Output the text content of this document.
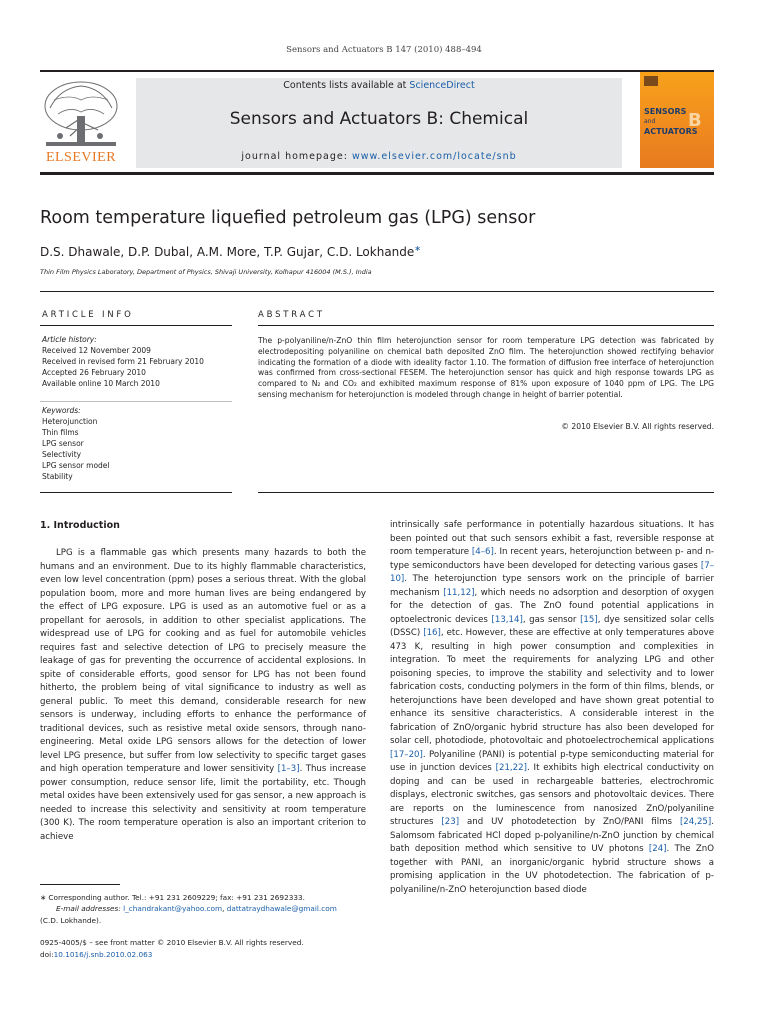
Sensors and Actuators B 147 (2010) 488–494
ELSEVIER
Contents lists available at ScienceDirect
Sensors and Actuators B: Chemical
journal homepage: www.elsevier.com/locate/snb
SENSORS
and
ACTUATORS
B
Room temperature liquefied petroleum gas (LPG) sensor
D.S. Dhawale, D.P. Dubal, A.M. More, T.P. Gujar, C.D. Lokhande∗
Thin Film Physics Laboratory, Department of Physics, Shivaji University, Kolhapur 416004 (M.S.), India
ARTICLE INFO
Article history:
Received 12 November 2009
Received in revised form 21 February 2010
Accepted 26 February 2010
Available online 10 March 2010
Keywords:
Heterojunction
Thin films
LPG sensor
Selectivity
LPG sensor model
Stability
ABSTRACT
The p-polyaniline/n-ZnO thin film heterojunction sensor for room temperature LPG detection was fabricated by electrodepositing polyaniline on chemical bath deposited ZnO film. The heterojunction showed rectifying behavior indicating the formation of a diode with ideality factor 1.10. The formation of diffusion free interface of heterojunction was confirmed from cross-sectional FESEM. The heterojunction sensor has quick and high response towards LPG as compared to N₂ and CO₂ and exhibited maximum response of 81% upon exposure of 1040 ppm of LPG. The LPG sensing mechanism for heterojunction is modeled through change in height of barrier potential.
© 2010 Elsevier B.V. All rights reserved.
1. Introduction
LPG is a flammable gas which presents many hazards to both the humans and an environment. Due to its highly flammable characteristics, even low level concentration (ppm) poses a serious threat. With the global population boom, more and more human lives are being endangered by the effect of LPG exposure. LPG is used as an automotive fuel or as a propellant for aerosols, in addition to other specialist applications. The widespread use of LPG for cooking and as fuel for automobile vehicles requires fast and selective detection of LPG to precisely measure the leakage of gas for preventing the occurrence of accidental explosions. In spite of considerable efforts, good sensor for LPG has not been found hitherto, the problem being of vital significance to industry as well as general public. To meet this demand, considerable research for new sensors is underway, including efforts to enhance the performance of traditional devices, such as resistive metal oxide sensors, through nano-engineering. Metal oxide LPG sensors allows for the detection of lower level LPG presence, but suffer from low selectivity to specific target gases and high operation temperature and lower sensitivity [1–3]. Thus increase power consumption, reduce sensor life, limit the portability, etc. Though metal oxides have been extensively used for gas sensor, a new approach is needed to increase this selectivity and sensitivity at room temperature (300 K). The room temperature operation is also an important criterion to achieve
intrinsically safe performance in potentially hazardous situations. It has been pointed out that such sensors exhibit a fast, reversible response at room temperature [4–6]. In recent years, heterojunction between p- and n-type semiconductors have been developed for detecting various gases [7–10]. The heterojunction type sensors work on the principle of barrier mechanism [11,12], which needs no adsorption and desorption of oxygen for the detection of gas. The ZnO found potential applications in optoelectronic devices [13,14], gas sensor [15], dye sensitized solar cells (DSSC) [16], etc. However, these are effective at only temperatures above 473 K, resulting in high power consumption and complexities in integration. To meet the requirements for analyzing LPG and other poisoning species, to improve the stability and selectivity and to lower fabrication costs, conducting polymers in the form of thin films, blends, or heterojunctions have been developed and have shown great potential to enhance its sensitive characteristics. A considerable interest in the fabrication of ZnO/organic hybrid structure has also been developed for solar cell, photodiode, photovoltaic and photoelectrochemical applications [17–20]. Polyaniline (PANI) is potential p-type semiconducting material for use in junction devices [21,22]. It exhibits high electrical conductivity on doping and can be used in rechargeable batteries, electrochromic displays, electronic switches, gas sensors and photovoltaic devices. There are reports on the luminescence from nanosized ZnO/polyaniline structures [23] and UV photodetection by ZnO/PANI films [24,25]. Salomsom fabricated HCl doped p-polyaniline/n-ZnO junction by chemical bath deposition method which sensitive to UV photons [24]. The ZnO together with PANI, an inorganic/organic hybrid structure shows a promising application in the UV photodetection. The fabrication of p-polyaniline/n-ZnO heterojunction based diode
∗ Corresponding author. Tel.: +91 231 2609229; fax: +91 231 2692333.
E-mail addresses: l_chandrakant@yahoo.com, dattatraydhawale@gmail.com
(C.D. Lokhande).
0925-4005/$ – see front matter © 2010 Elsevier B.V. All rights reserved.
doi:10.1016/j.snb.2010.02.063
